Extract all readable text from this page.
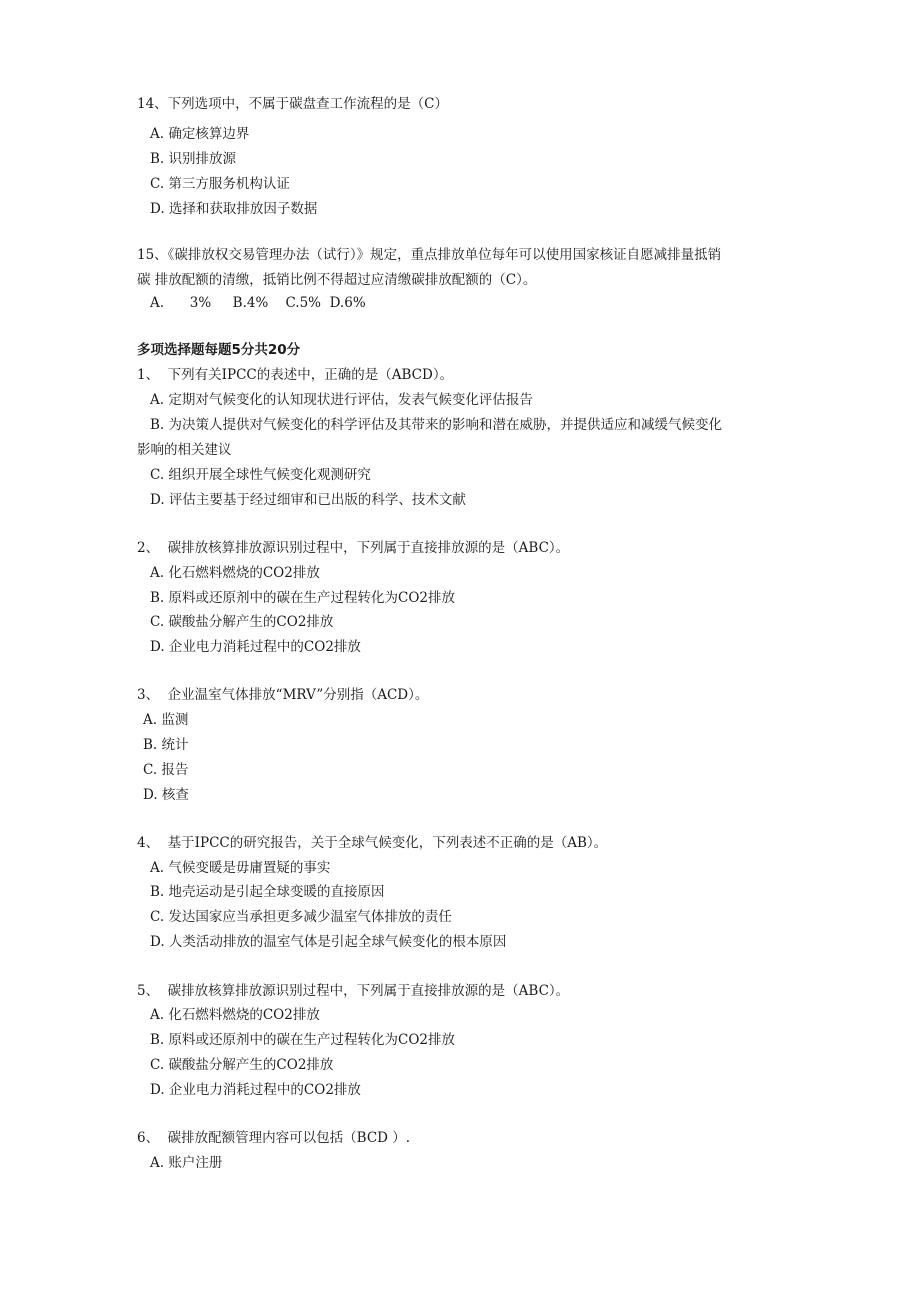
14、下列选项中，不属于碳盘查工作流程的是（C）
A. 确定核算边界
B. 识别排放源
C. 第三方服务机构认证
D. 选择和获取排放因子数据
15、《碳排放权交易管理办法（试行）》规定，重点排放单位每年可以使用国家核证自愿减排量抵销
碳 排放配额的清缴，抵销比例不得超过应清缴碳排放配额的（C）。
A.      3%     B.4%    C.5%  D.6%
多项选择题每题5分共20分
1、  下列有关IPCC的表述中，正确的是（ABCD）。
A. 定期对气候变化的认知现状进行评估，发表气候变化评估报告
B. 为决策人提供对气候变化的科学评估及其带来的影响和潜在威胁，并提供适应和减缓气候变化
影响的相关建议
C. 组织开展全球性气候变化观测研究
D. 评估主要基于经过细审和已出版的科学、技术文献
2、  碳排放核算排放源识别过程中，下列属于直接排放源的是（ABC）。
A. 化石燃料燃烧的CO2排放
B. 原料或还原剂中的碳在生产过程转化为CO2排放
C. 碳酸盐分解产生的CO2排放
D. 企业电力消耗过程中的CO2排放
3、  企业温室气体排放“MRV”分别指（ACD）。
A. 监测
B. 统计
C. 报告
D. 核查
4、  基于IPCC的研究报告，关于全球气候变化，下列表述不正确的是（AB）。
A. 气候变暖是毋庸置疑的事实
B. 地壳运动是引起全球变暖的直接原因
C. 发达国家应当承担更多减少温室气体排放的责任
D. 人类活动排放的温室气体是引起全球气候变化的根本原因
5、  碳排放核算排放源识别过程中，下列属于直接排放源的是（ABC）。
A. 化石燃料燃烧的CO2排放
B. 原料或还原剂中的碳在生产过程转化为CO2排放
C. 碳酸盐分解产生的CO2排放
D. 企业电力消耗过程中的CO2排放
6、  碳排放配额管理内容可以包括（BCD ）.
A. 账户注册
